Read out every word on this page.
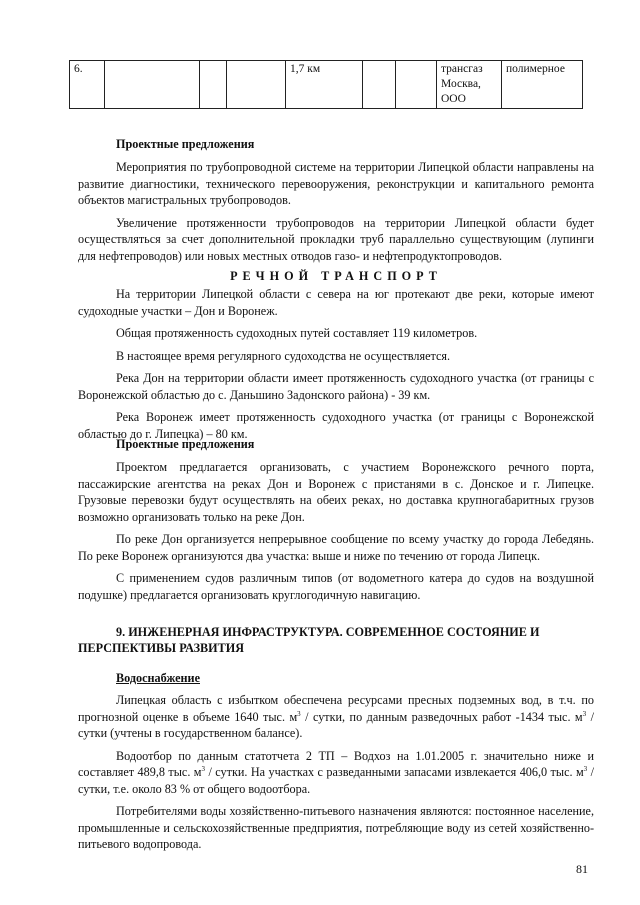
6.				1,7 км			трансгаз Москва, ООО	полимерное

Проектные предложения

Мероприятия по трубопроводной системе на территории Липецкой области направлены на развитие диагностики, технического перевооружения, реконструкции и капитального ремонта объектов магистральных трубопроводов.

Увеличение протяженности трубопроводов на территории Липецкой области будет осуществляться за счет дополнительной прокладки труб параллельно существующим (лупинги для нефтепроводов) или новых местных отводов газо- и нефтепродуктопроводов.

РЕЧНОЙ ТРАНСПОРТ

На территории Липецкой области с севера на юг протекают две реки, которые имеют судоходные участки – Дон и Воронеж.

Общая протяженность судоходных путей составляет 119 километров.

В настоящее время регулярного судоходства не осуществляется.

Река Дон на территории области имеет протяженность судоходного участка (от границы с Воронежской областью до с. Даньшино Задонского района) - 39 км.

Река Воронеж имеет протяженность судоходного участка (от границы с Воронежской областью до г. Липецка) – 80 км.

Проектные предложения

Проектом предлагается организовать, с участием Воронежского речного порта, пассажирские агентства на реках Дон и Воронеж с пристанями в с. Донское и г. Липецке. Грузовые перевозки будут осуществлять на обеих реках, но доставка крупногабаритных грузов возможно организовать только на реке Дон.

По реке Дон организуется непрерывное сообщение по всему участку до города Лебедянь. По реке Воронеж организуются два участка: выше и ниже по течению от города Липецк.

С применением судов различным типов (от водометного катера до судов на воздушной подушке) предлагается организовать круглогодичную навигацию.

9. ИНЖЕНЕРНАЯ ИНФРАСТРУКТУРА. СОВРЕМЕННОЕ СОСТОЯНИЕ И ПЕРСПЕКТИВЫ РАЗВИТИЯ

Водоснабжение

Липецкая область с избытком обеспечена ресурсами пресных подземных вод, в т.ч. по прогнозной оценке в объеме 1640 тыс. $м^3$ / сутки, по данным разведочных работ -1434 тыс. $м^3$ / сутки (учтены в государственном балансе).

Водоотбор по данным статотчета 2 ТП – Водхоз на 1.01.2005 г. значительно ниже и составляет 489,8 тыс. $м^3$ / сутки. На участках с разведанными запасами извлекается 406,0 тыс. $м^3$ / сутки, т.е. около 83 % от общего водоотбора.

Потребителями воды хозяйственно-питьевого назначения являются: постоянное население, промышленные и сельскохозяйственные предприятия, потребляющие воду из сетей хозяйственно-питьевого водопровода.

81
